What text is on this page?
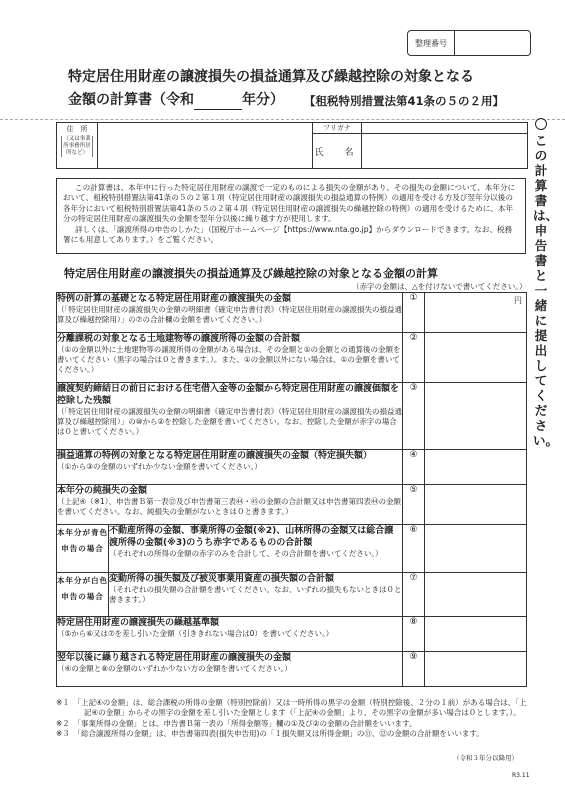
整理番号
特定居住用財産の譲渡損失の損益通算及び繰越控除の対象となる
金額の計算書（令和	年分） 【租税特別措置法第41条の５の２用】
この計算書は、申告書と一緒に提出してください。
住　所
（又は事業所事務所居所など）
フリガナ
氏　名

この計算書は、本年中に行った特定居住用財産の譲渡で一定のものによる損失の金額があり、その損失の金額について、本年分において、租税特別措置法第41条の５の２第１項（特定居住用財産の譲渡損失の損益通算の特例）の適用を受ける方及び翌年分以後の各年分において租税特別措置法第41条の５の２第４項（特定居住用財産の譲渡損失の繰越控除の特例）の適用を受けるために、本年分の特定居住用財産の譲渡損失の金額を翌年分以後に繰り越す方が使用します。

詳しくは、「譲渡所得の申告のしかた」（国税庁ホームページ【https://www.nta.go.jp】からダウンロードできます。なお、税務署にも用意してあります。）をご覧ください。

特定居住用財産の譲渡損失の損益通算及び繰越控除の対象となる金額の計算
（赤字の金額は、△を付けないで書いてください。）
特例の計算の基礎となる特定居住用財産の譲渡損失の金額
（「特定居住用財産の譲渡損失の金額の明細書《確定申告書付表》（特定居住用財産の譲渡損失の損益通算及び繰越控除用）」の⑦の合計欄の金額を書いてください。）		①	円

分離課税の対象となる土地建物等の譲渡所得の金額の合計額
（①の金額以外に土地建物等の譲渡所得の金額がある場合は、その金額と①の金額との通算後の金額を書いてください（黒字の場合は０と書きます。）。また、①の金額以外にない場合は、①の金額を書いてください。）		②	

譲渡契約締結日の前日における住宅借入金等の金額から特定居住用財産の譲渡価額を控除した残額
（「特定居住用財産の譲渡損失の金額の明細書《確定申告書付表》（特定居住用財産の譲渡損失の損益通算及び繰越控除用）」の⑩から②を控除した金額を書いてください。なお、控除した金額が赤字の場合は０と書いてください。）		③	

損益通算の特例の対象となる特定居住用財産の譲渡損失の金額（特定損失額）
（①から③の金額のいずれか少ない金額を書いてください。）		④	

本年分の純損失の金額
（上記④（※1）、申告書Ｂ第一表⑫及び申告書第三表㊹・㊺の金額の合計額又は申告書第四表㊹の金額を書いてください。なお、純損失の金額がないときは０と書きます。）		⑤	
本年分が青色申告の場合	不動産所得の金額、事業所得の金額(※2)、山林所得の金額又は総合譲渡所得の金額(※3)のうち赤字であるものの合計額
（それぞれの所得の金額の赤字のみを合計して、その合計額を書いてください。）	⑥	
本年分が白色申告の場合	変動所得の損失額及び被災事業用資産の損失額の合計額
（それぞれの損失額の合計額を書いてください。なお、いずれの損失もないときは０と書きます。）	⑦	

特定居住用財産の譲渡損失の繰越基準額
（⑤から⑥又は⑦を差し引いた金額（引ききれない場合は0）を書いてください。）		⑧	

翌年以後に繰り越される特定居住用財産の譲渡損失の金額
（④の金額と⑧の金額のいずれか少ない方の金額を書いてください。）		⑨	

※１　「上記④の金額」は、総合課税の所得の金額（特別控除前）又は一時所得の黒字の金額（特別控除後、２分の１前）がある場合は、「上記④の金額」からその黒字の金額を差し引いた金額とします（「上記④の金額」より、その黒字の金額が多い場合は０とします。）。

※２　「事業所得の金額」とは、申告書Ｂ第一表の「所得金額等」欄の①及び②の金額の合計額をいいます。

※３　「総合譲渡所得の金額」は、申告書第四表(損失申告用)の「１損失額又は所得金額」の⑪、⑫の金額の合計額をいいます。

（令和３年分以降用）
R3.11
